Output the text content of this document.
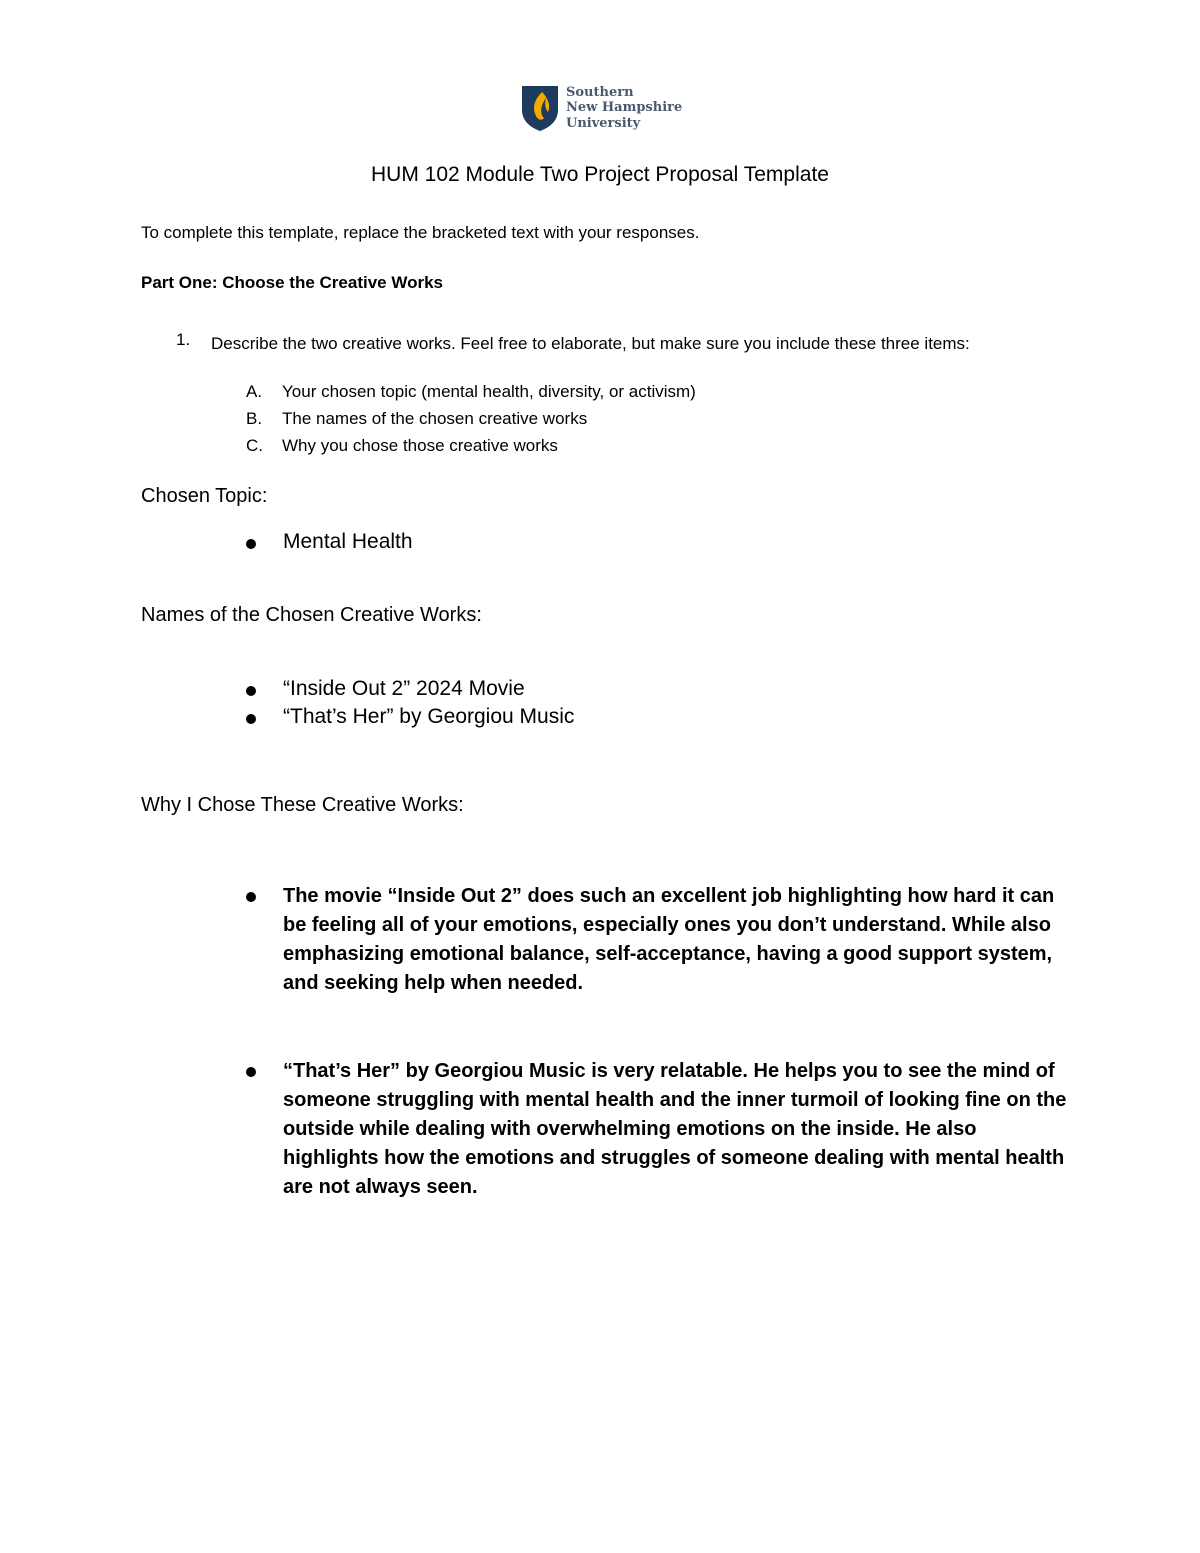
Southern
New Hampshire
University
HUM 102 Module Two Project Proposal Template
To complete this template, replace the bracketed text with your responses.
Part One: Choose the Creative Works
1. Describe the two creative works. Feel free to elaborate, but make sure you include these three items:
A. Your chosen topic (mental health, diversity, or activism)
B. The names of the chosen creative works
C. Why you chose those creative works
Chosen Topic:
Mental Health
Names of the Chosen Creative Works:
“Inside Out 2” 2024 Movie
“That’s Her” by Georgiou Music
Why I Chose These Creative Works:
The movie “Inside Out 2” does such an excellent job highlighting how hard it can be feeling all of your emotions, especially ones you don’t understand. While also emphasizing emotional balance, self-acceptance, having a good support system, and seeking help when needed.
“That’s Her” by Georgiou Music is very relatable. He helps you to see the mind of someone struggling with mental health and the inner turmoil of looking fine on the outside while dealing with overwhelming emotions on the inside. He also highlights how the emotions and struggles of someone dealing with mental health are not always seen.
